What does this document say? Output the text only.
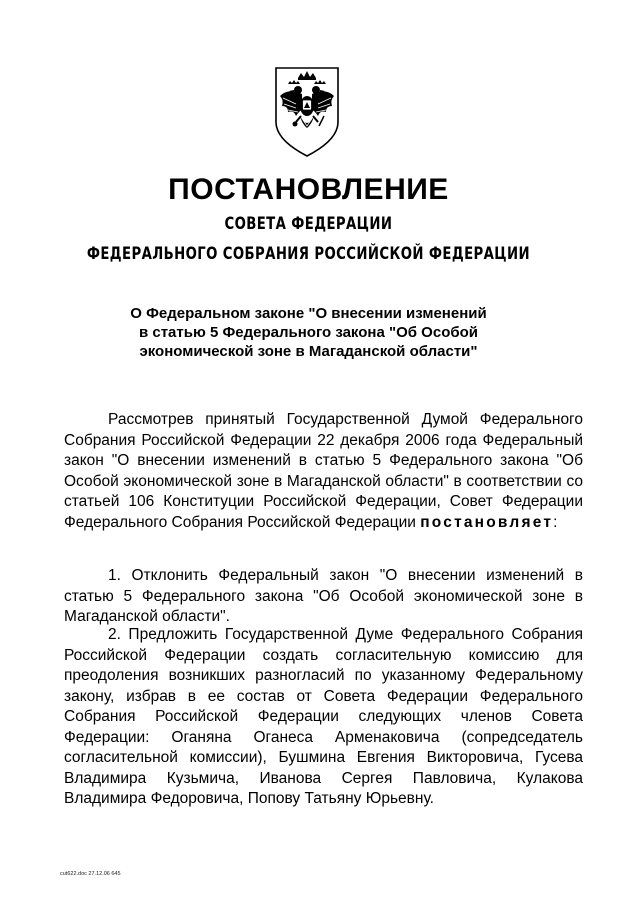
ПОСТАНОВЛЕНИЕ
СОВЕТА ФЕДЕРАЦИИ
ФЕДЕРАЛЬНОГО СОБРАНИЯ РОССИЙСКОЙ ФЕДЕРАЦИИ
О Федеральном законе "О внесении изменений
в статью 5 Федерального закона "Об Особой
экономической зоне в Магаданской области"

Рассмотрев принятый Государственной Думой Федерального Собрания Российской Федерации 22 декабря 2006 года Федеральный закон "О внесении изменений в статью 5 Федерального закона "Об Особой экономической зоне в Магаданской области" в соответствии со статьей 106 Конституции Российской Федерации, Совет Федерации Федерального Собрания Российской Федерации постановляет:

1. Отклонить Федеральный закон "О внесении изменений в статью 5 Федерального закона "Об Особой экономической зоне в Магаданской области".

2. Предложить Государственной Думе Федерального Собрания Российской Федерации создать согласительную комиссию для преодоления возникших разногласий по указанному Федеральному закону, избрав в ее состав от Совета Федерации Федерального Собрания Российской Федерации следующих членов Совета Федерации: Оганяна Оганеса Арменаковича (сопредседатель согласительной комиссии), Бушмина Евгения Викторовича, Гусева Владимира Кузьмича, Иванова Сергея Павловича, Кулакова Владимира Федоровича, Попову Татьяну Юрьевну.

cut622.doc 27.12.06 645
